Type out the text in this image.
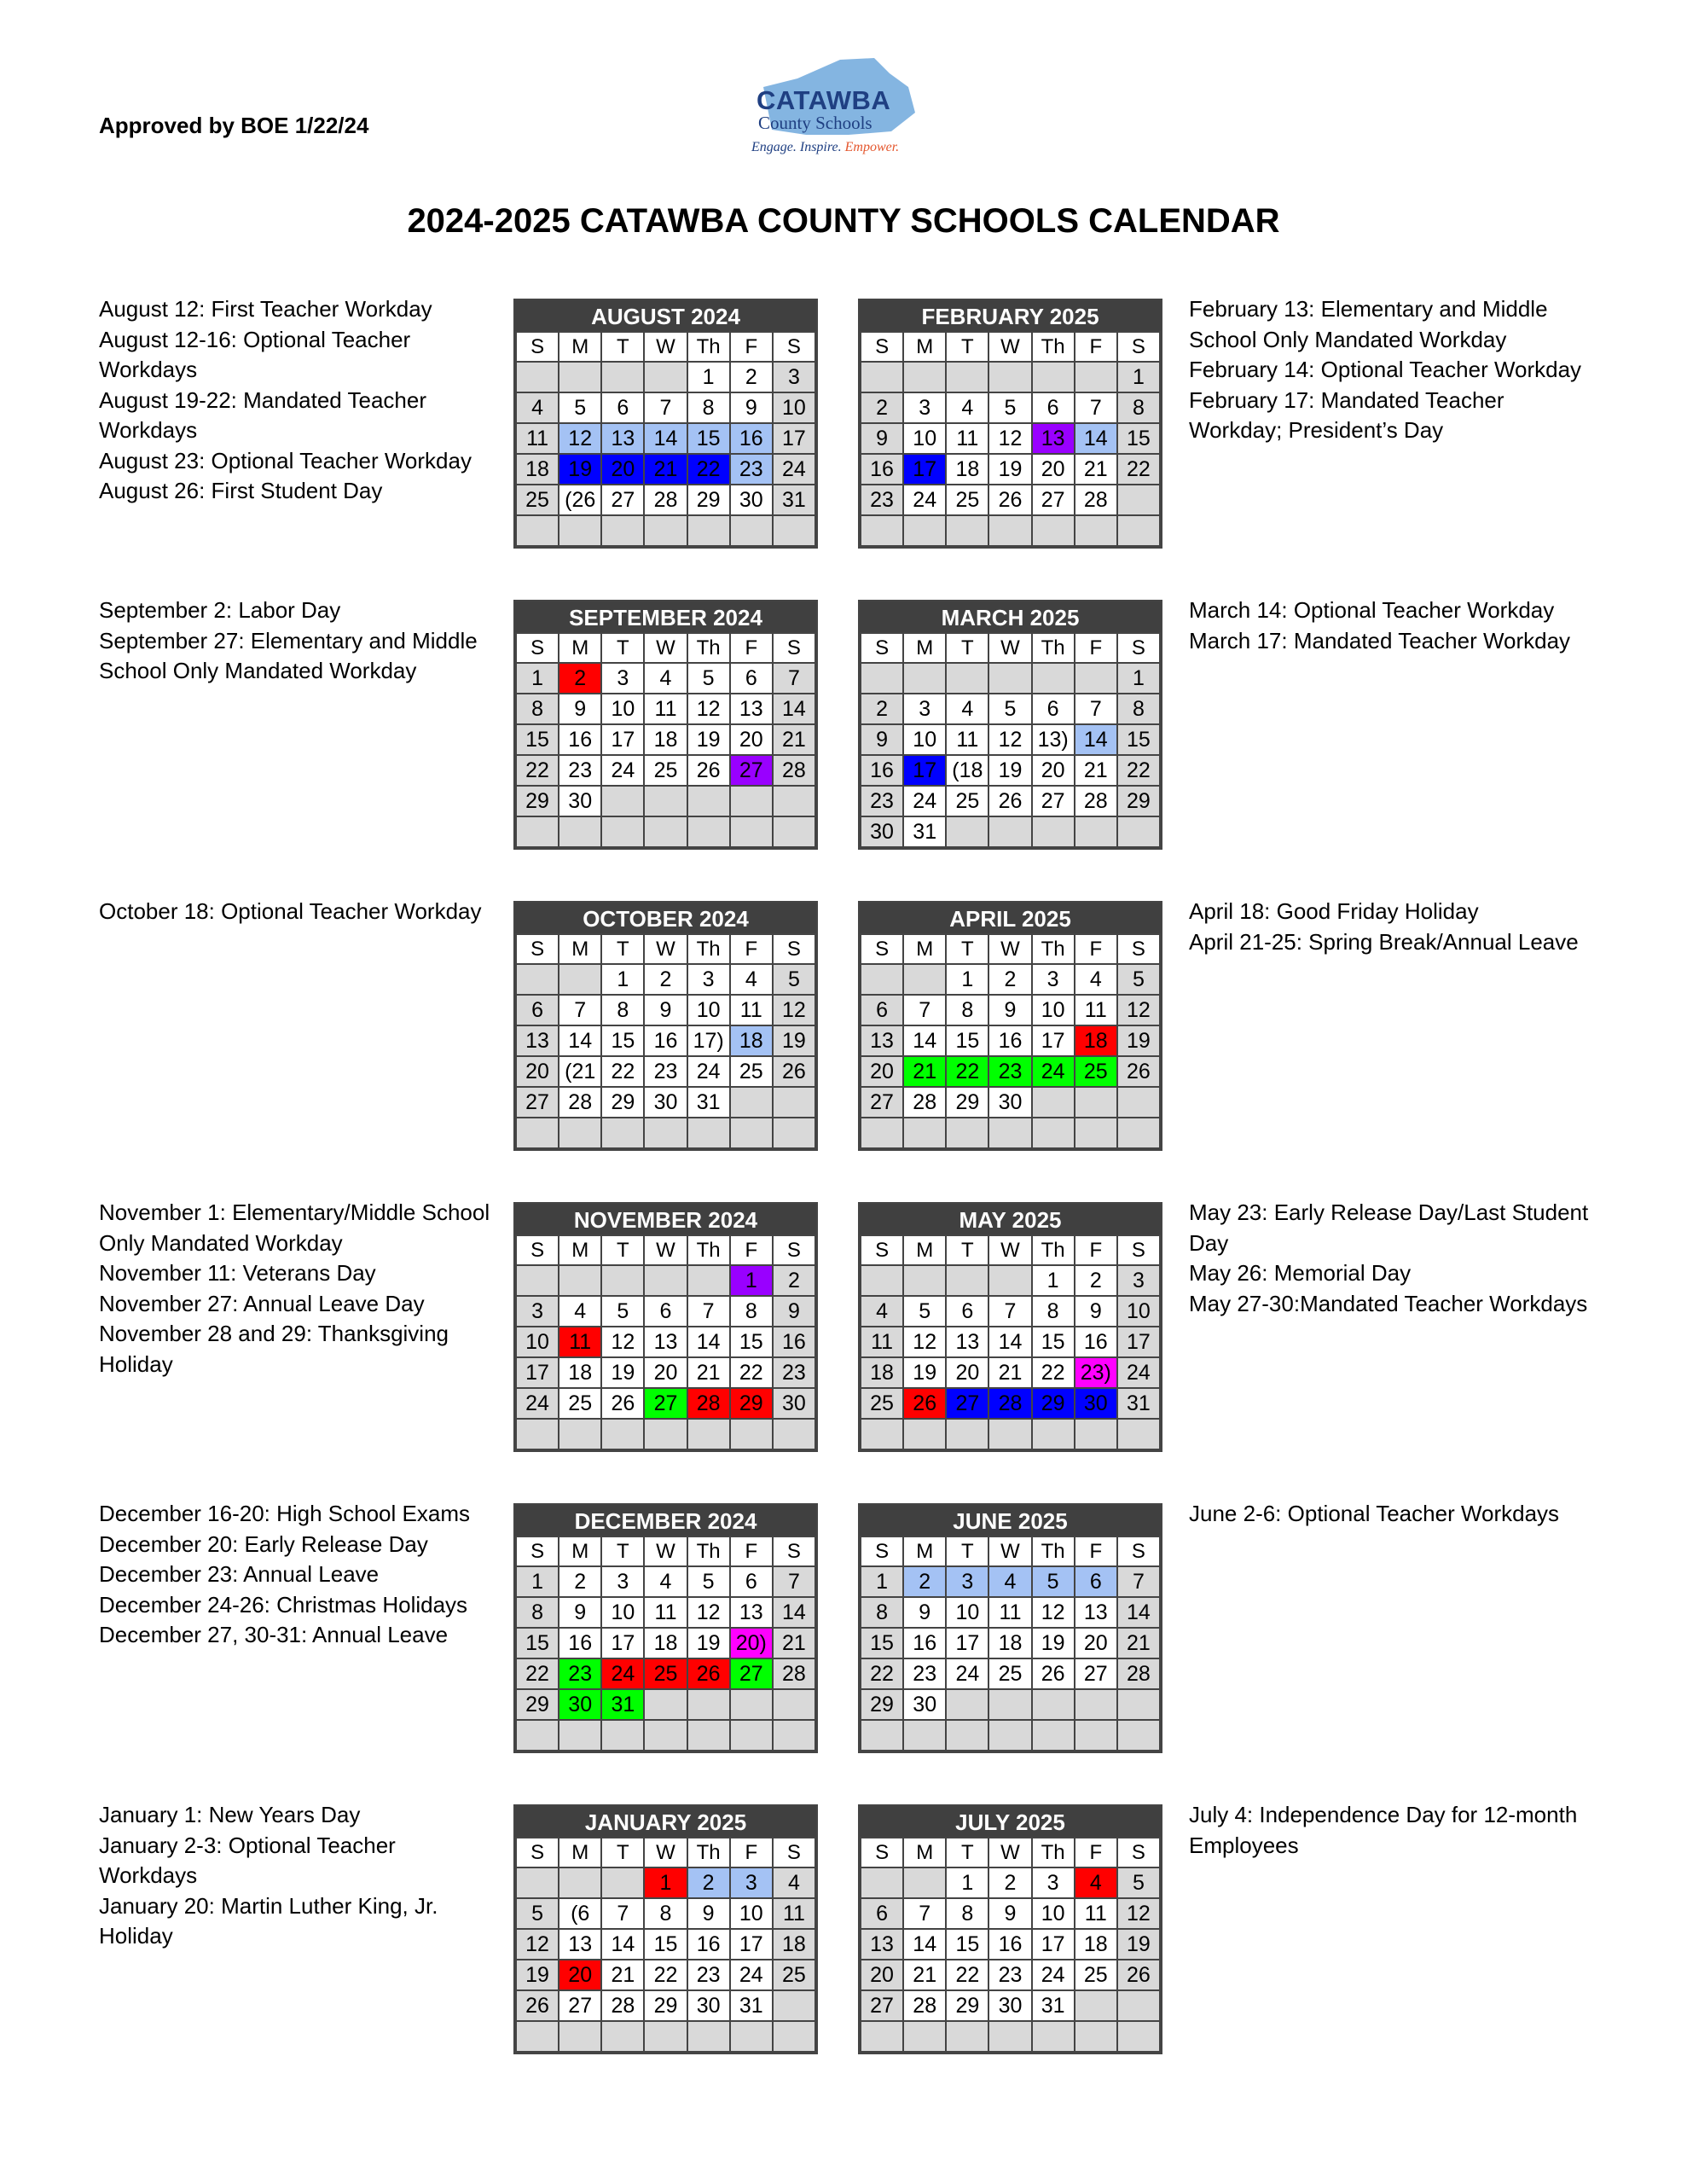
Approved by BOE 1/22/24
CATAWBA
County Schools
Engage. Inspire. Empower.
2024-2025 CATAWBA COUNTY SCHOOLS CALENDAR
AUGUST 2024
S	M	T	W	Th	F	S
				1	2	3
4	5	6	7	8	9	10
11	12	13	14	15	16	17
18	19	20	21	22	23	24
25	(26	27	28	29	30	31

August 12: First Teacher Workday
August 12-16: Optional Teacher Workdays
August 19-22: Mandated Teacher Workdays
August 23: Optional Teacher Workday
August 26: First Student Day
FEBRUARY 2025
S	M	T	W	Th	F	S
						1
2	3	4	5	6	7	8
9	10	11	12	13	14	15
16	17	18	19	20	21	22
23	24	25	26	27	28	

February 13: Elementary and Middle School Only Mandated Workday
February 14: Optional Teacher Workday
February 17: Mandated Teacher Workday; President’s Day
SEPTEMBER 2024
S	M	T	W	Th	F	S
1	2	3	4	5	6	7
8	9	10	11	12	13	14
15	16	17	18	19	20	21
22	23	24	25	26	27	28
29	30					

September 2: Labor Day
September 27: Elementary and Middle School Only Mandated Workday
MARCH 2025
S	M	T	W	Th	F	S
						1
2	3	4	5	6	7	8
9	10	11	12	13)	14	15
16	17	(18	19	20	21	22
23	24	25	26	27	28	29
30	31					
March 14: Optional Teacher Workday
March 17: Mandated Teacher Workday
OCTOBER 2024
S	M	T	W	Th	F	S
		1	2	3	4	5
6	7	8	9	10	11	12
13	14	15	16	17)	18	19
20	(21	22	23	24	25	26
27	28	29	30	31		

October 18: Optional Teacher Workday	APRIL 2025
S	M	T	W	Th	F	S
		1	2	3	4	5
6	7	8	9	10	11	12
13	14	15	16	17	18	19
20	21	22	23	24	25	26
27	28	29	30			

April 18: Good Friday Holiday
April 21-25: Spring Break/Annual Leave
NOVEMBER 2024
S	M	T	W	Th	F	S
					1	2
3	4	5	6	7	8	9
10	11	12	13	14	15	16
17	18	19	20	21	22	23
24	25	26	27	28	29	30

November 1: Elementary/Middle School Only Mandated Workday
November 11: Veterans Day
November 27: Annual Leave Day
November 28 and 29: Thanksgiving Holiday
MAY 2025
S	M	T	W	Th	F	S
				1	2	3
4	5	6	7	8	9	10
11	12	13	14	15	16	17
18	19	20	21	22	23)	24
25	26	27	28	29	30	31

May 23: Early Release Day/Last Student Day
May 26: Memorial Day
May 27-30:Mandated Teacher Workdays
DECEMBER 2024
S	M	T	W	Th	F	S
1	2	3	4	5	6	7
8	9	10	11	12	13	14
15	16	17	18	19	20)	21
22	23	24	25	26	27	28
29	30	31				

December 16-20: High School Exams
December 20: Early Release Day
December 23: Annual Leave
December 24-26: Christmas Holidays
December 27, 30-31: Annual Leave
JUNE 2025
S	M	T	W	Th	F	S
1	2	3	4	5	6	7
8	9	10	11	12	13	14
15	16	17	18	19	20	21
22	23	24	25	26	27	28
29	30					

June 2-6: Optional Teacher Workdays
JANUARY 2025
S	M	T	W	Th	F	S
			1	2	3	4
5	(6	7	8	9	10	11
12	13	14	15	16	17	18
19	20	21	22	23	24	25
26	27	28	29	30	31	

January 1: New Years Day
January 2-3: Optional Teacher Workdays
January 20: Martin Luther King, Jr. Holiday
JULY 2025
S	M	T	W	Th	F	S
		1	2	3	4	5
6	7	8	9	10	11	12
13	14	15	16	17	18	19
20	21	22	23	24	25	26
27	28	29	30	31		

July 4: Independence Day for 12-month Employees
